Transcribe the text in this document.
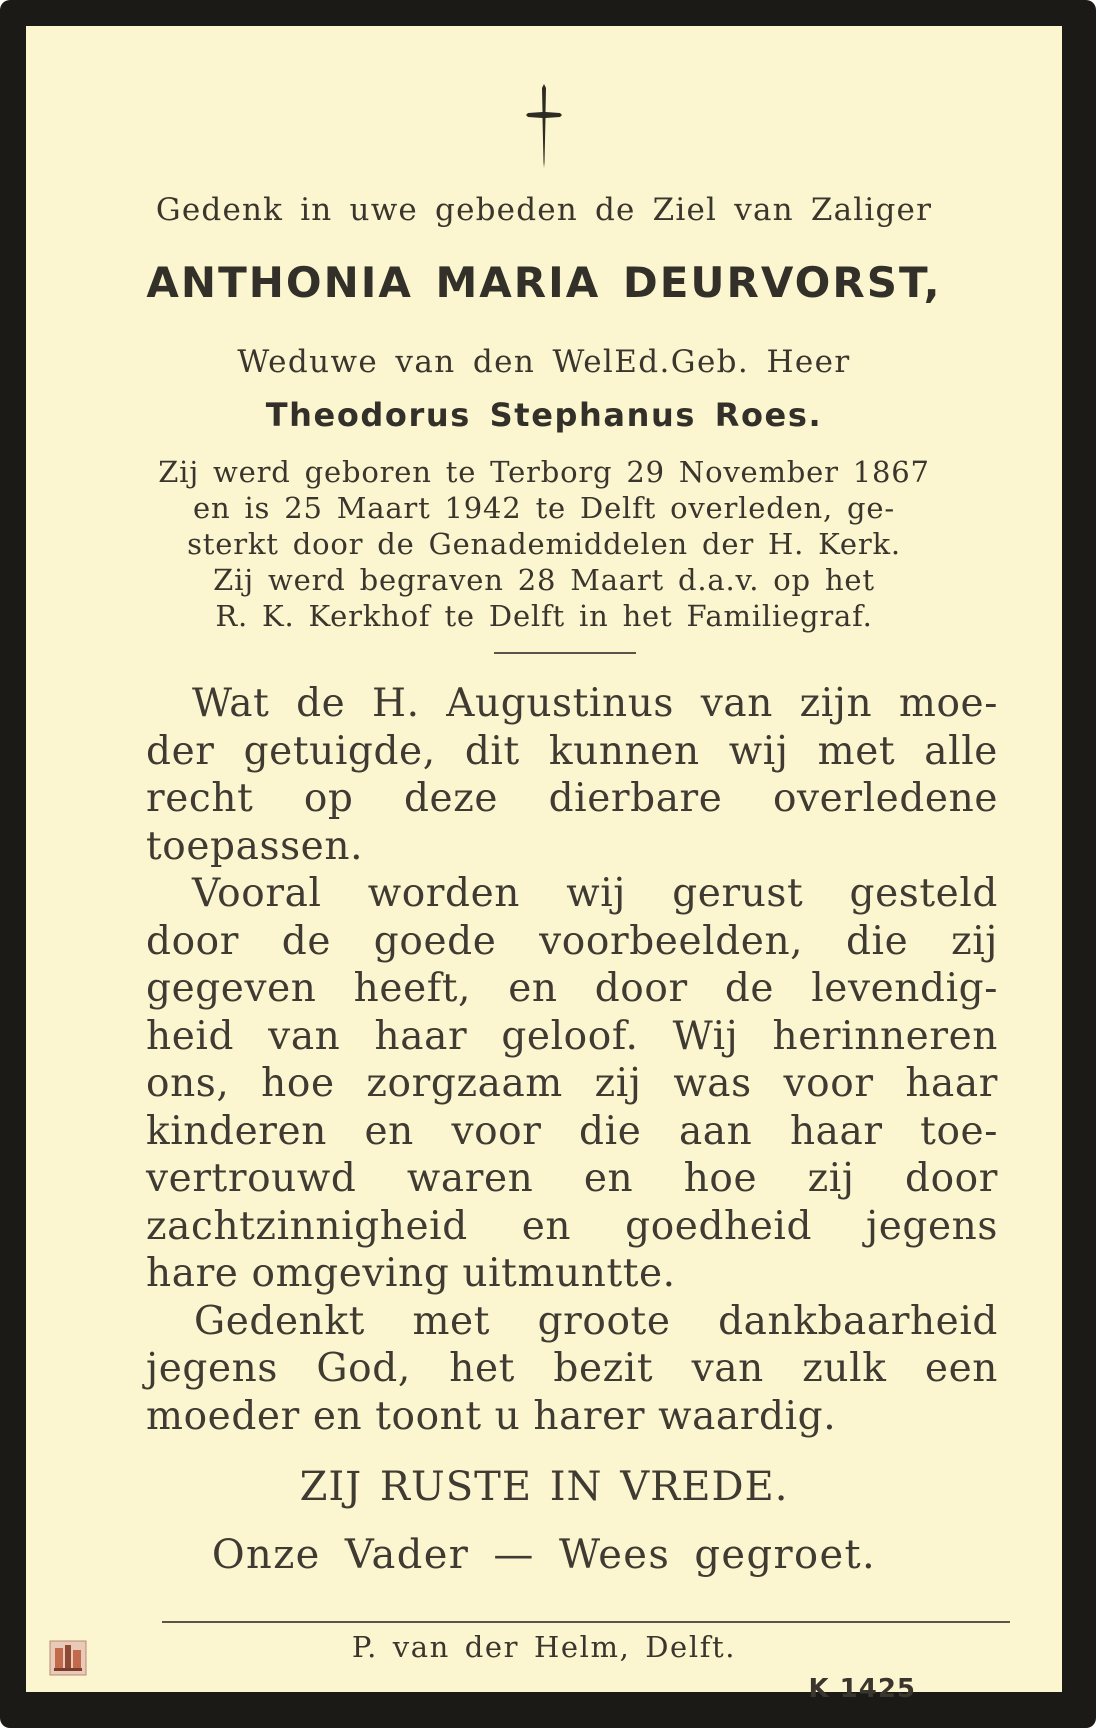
Gedenk in uwe gebeden de Ziel van Zaliger
ANTHONIA MARIA DEURVORST,
Weduwe van den WelEd.Geb. Heer
Theodorus Stephanus Roes.
Zij werd geboren te Terborg 29 November 1867
en is 25 Maart 1942 te Delft overleden, ge-
sterkt door de Genademiddelen der H. Kerk.
Zij werd begraven 28 Maart d.a.v. op het
R. K. Kerkhof te Delft in het Familiegraf.
Wat de H. Augustinus van zijn moe-
der getuigde, dit kunnen wij met alle
recht op deze dierbare overledene
toepassen.
Vooral worden wij gerust gesteld
door de goede voorbeelden, die zij
gegeven heeft, en door de levendig-
heid van haar geloof. Wij herinneren
ons, hoe zorgzaam zij was voor haar
kinderen en voor die aan haar toe-
vertrouwd waren en hoe zij door
zachtzinnigheid en goedheid jegens
hare omgeving uitmuntte.
Gedenkt met groote dankbaarheid
jegens God, het bezit van zulk een
moeder en toont u harer waardig.
ZIJ RUSTE IN VREDE.
Onze Vader — Wees gegroet.
P. van der Helm, Delft.
K 1425
